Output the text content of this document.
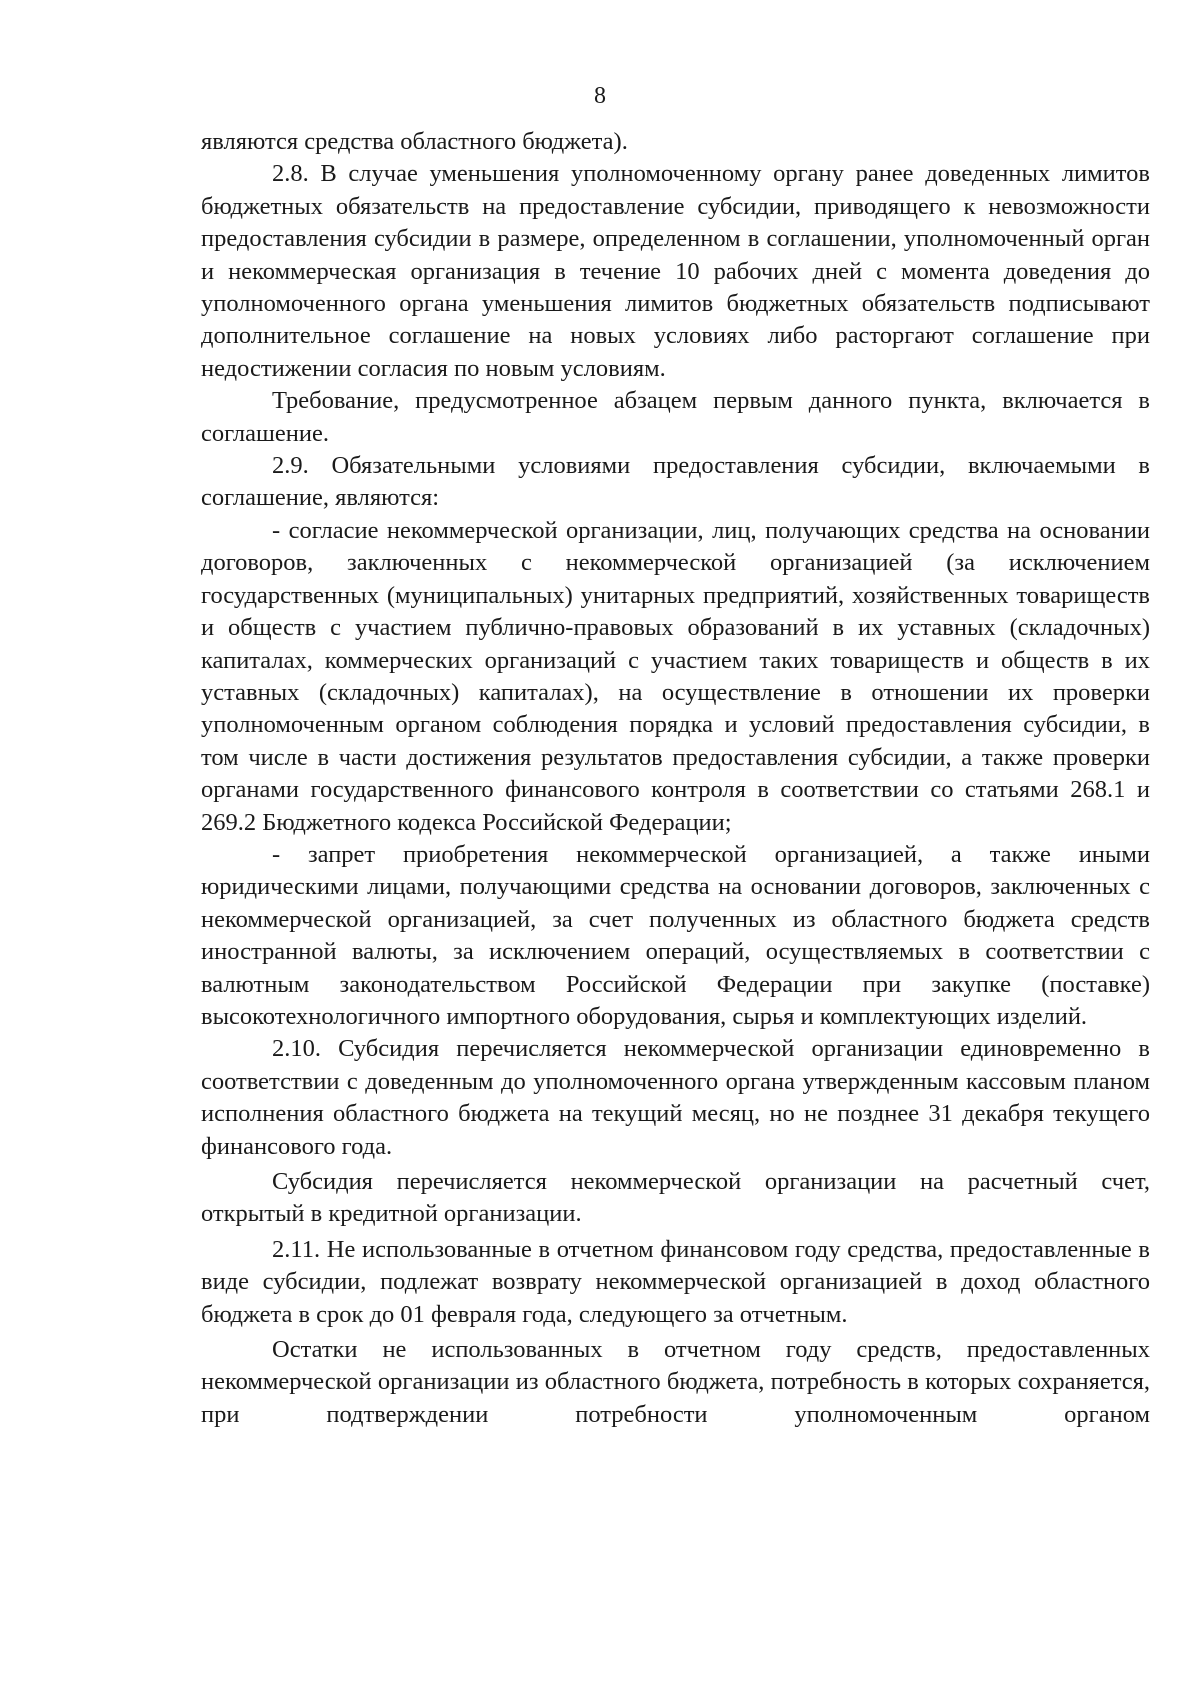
8

являются средства областного бюджета).

2.8. В случае уменьшения уполномоченному органу ранее доведенных лимитов бюджетных обязательств на предоставление субсидии, приводящего к невозможности предоставления субсидии в размере, определенном в соглашении, уполномоченный орган и некоммерческая организация в течение 10 рабочих дней с момента доведения до уполномоченного органа уменьшения лимитов бюджетных обязательств подписывают дополнительное соглашение на новых условиях либо расторгают соглашение при недостижении согласия по новым условиям.

Требование, предусмотренное абзацем первым данного пункта, включается в соглашение.

2.9. Обязательными условиями предоставления субсидии, включаемыми в соглашение, являются:

- согласие некоммерческой организации, лиц, получающих средства на основании договоров, заключенных с некоммерческой организацией (за исключением государственных (муниципальных) унитарных предприятий, хозяйственных товариществ и обществ с участием публично-правовых образований в их уставных (складочных) капиталах, коммерческих организаций с участием таких товариществ и обществ в их уставных (складочных) капиталах), на осуществление в отношении их проверки уполномоченным органом соблюдения порядка и условий предоставления субсидии, в том числе в части достижения результатов предоставления субсидии, а также проверки органами государственного финансового контроля в соответствии со статьями 268.1 и 269.2 Бюджетного кодекса Российской Федерации;

- запрет приобретения некоммерческой организацией, а также иными юридическими лицами, получающими средства на основании договоров, заключенных с некоммерческой организацией, за счет полученных из областного бюджета средств иностранной валюты, за исключением операций, осуществляемых в соответствии с валютным законодательством Российской Федерации при закупке (поставке) высокотехнологичного импортного оборудования, сырья и комплектующих изделий.

2.10. Субсидия перечисляется некоммерческой организации единовременно в соответствии с доведенным до уполномоченного органа утвержденным кассовым планом исполнения областного бюджета на текущий месяц, но не позднее 31 декабря текущего финансового года.

Субсидия перечисляется некоммерческой организации на расчетный счет, открытый в кредитной организации.

2.11. Не использованные в отчетном финансовом году средства, предоставленные в виде субсидии, подлежат возврату некоммерческой организацией в доход областного бюджета в срок до 01 февраля года, следующего за отчетным.

Остатки не использованных в отчетном году средств, предоставленных некоммерческой организации из областного бюджета, потребность в которых сохраняется, при подтверждении потребности уполномоченным органом
